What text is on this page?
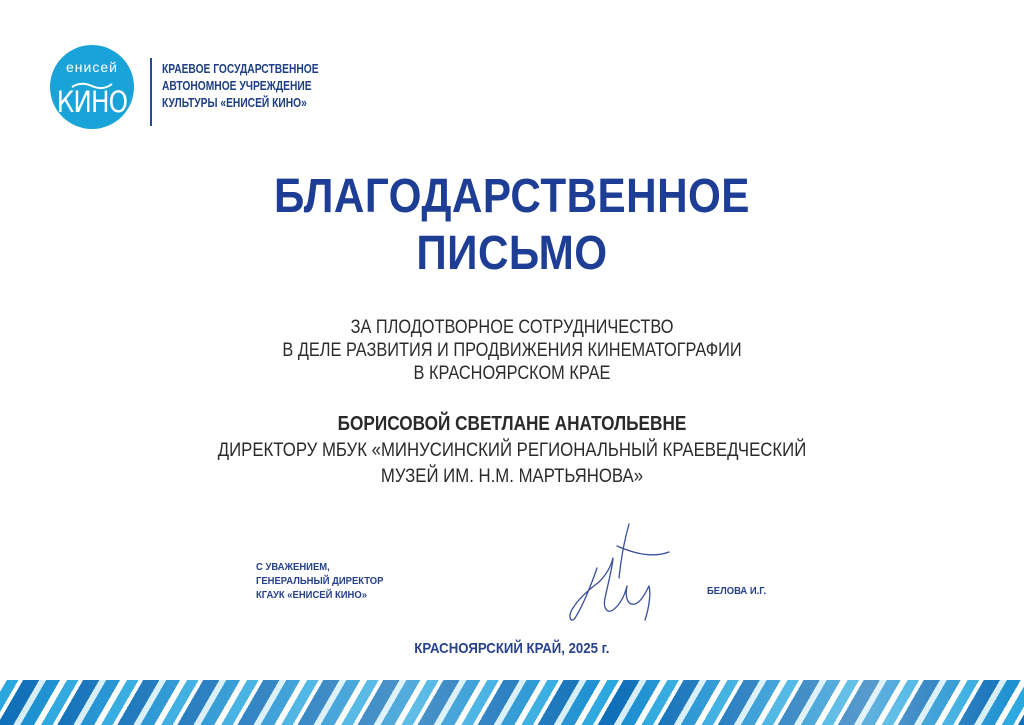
енисей
КИНО
КРАЕВОЕ ГОСУДАРСТВЕННОЕ
АВТОНОМНОЕ УЧРЕЖДЕНИЕ
КУЛЬТУРЫ «ЕНИСЕЙ КИНО»
БЛАГОДАРСТВЕННОЕ
ПИСЬМО
ЗА ПЛОДОТВОРНОЕ СОТРУДНИЧЕСТВО
В ДЕЛЕ РАЗВИТИЯ И ПРОДВИЖЕНИЯ КИНЕМАТОГРАФИИ
В КРАСНОЯРСКОМ КРАЕ
БОРИСОВОЙ СВЕТЛАНЕ АНАТОЛЬЕВНЕ
ДИРЕКТОРУ МБУК «МИНУСИНСКИЙ РЕГИОНАЛЬНЫЙ КРАЕВЕДЧЕСКИЙ
МУЗЕЙ ИМ. Н.М. МАРТЬЯНОВА»
С УВАЖЕНИЕМ,
ГЕНЕРАЛЬНЫЙ ДИРЕКТОР
КГАУК «ЕНИСЕЙ КИНО»	БЕЛОВА И.Г.
КРАСНОЯРСКИЙ КРАЙ, 2025 г.
